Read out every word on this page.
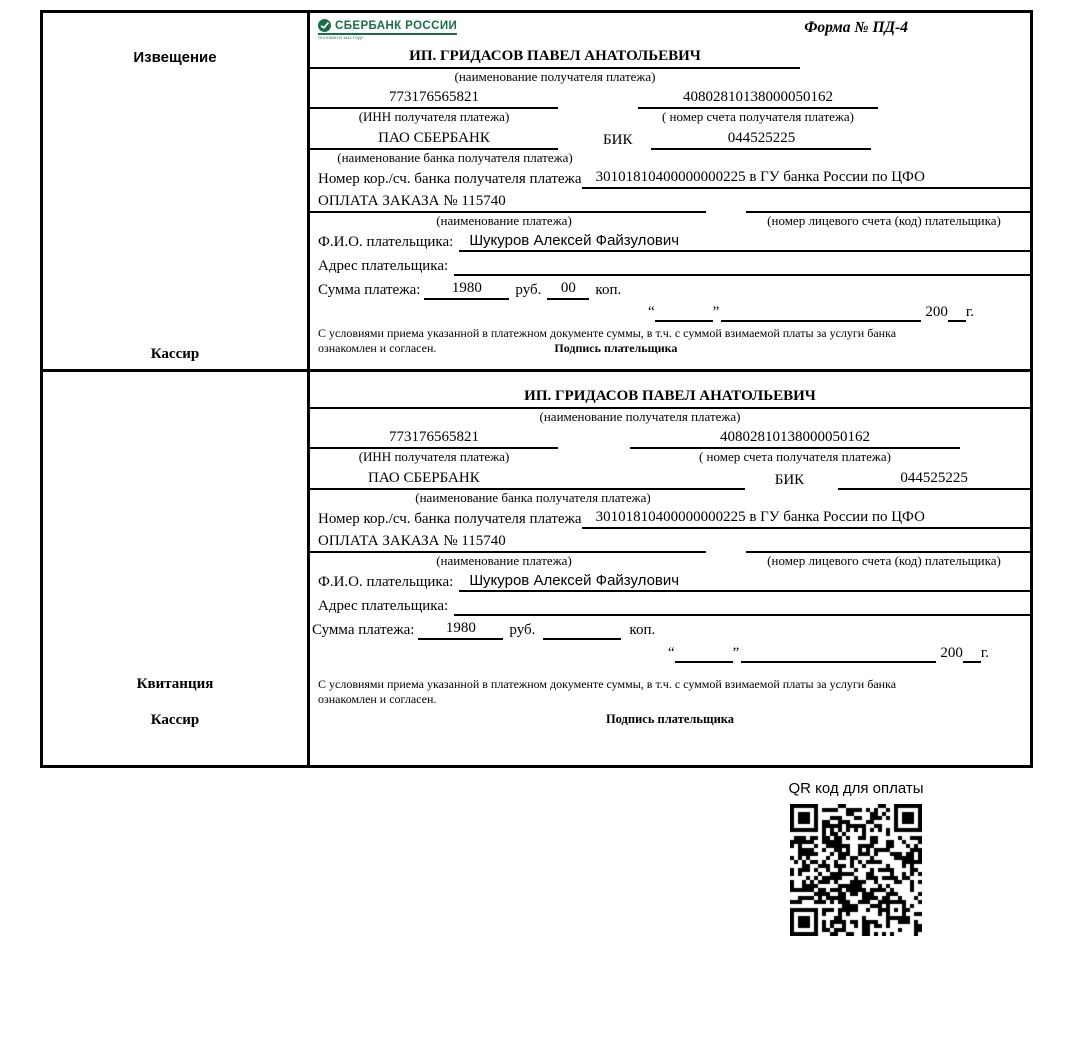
Извещение
Кассир
СБЕРБАНК РОССИИ
ОСНОВАН В 1841 ГОДУ
Форма № ПД-4
ИП. ГРИДАСОВ ПАВЕЛ АНАТОЛЬЕВИЧ
(наименование получателя платежа)
773176565821	40802810138000050162
(ИНН получателя платежа)	( номер счета получателя платежа)
ПАО СБЕРБАНК	БИК	044525225
(наименование банка получателя платежа)
Номер кор./сч. банка получателя платежа 30101810400000000225 в ГУ банка России по ЦФО
ОПЛАТА ЗАКАЗА № 115740
(наименование платежа)	(номер лицевого счета (код) плательщика)
Ф.И.О. плательщика:	Шукуров Алексей Файзулович
Адрес плательщика:
Сумма платежа:	1980	руб.	00	коп.
“	”	200 г.
С условиями приема указанной в платежном документе суммы, в т.ч. с суммой взимаемой платы за услуги банка
ознакомлен и согласен.	Подпись плательщика
Квитанция
Кассир
ИП. ГРИДАСОВ ПАВЕЛ АНАТОЛЬЕВИЧ
(наименование получателя платежа)
773176565821	40802810138000050162
(ИНН получателя платежа)	( номер счета получателя платежа)
ПАО СБЕРБАНК	БИК	044525225
(наименование банка получателя платежа)
Номер кор./сч. банка получателя платежа 30101810400000000225 в ГУ банка России по ЦФО
ОПЛАТА ЗАКАЗА № 115740
(наименование платежа)	(номер лицевого счета (код) плательщика)
Ф.И.О. плательщика:	Шукуров Алексей Файзулович
Адрес плательщика:
Сумма платежа:	1980	руб.	коп.
“	”	200 г.
С условиями приема указанной в платежном документе суммы, в т.ч. с суммой взимаемой платы за услуги банка
ознакомлен и согласен.
Подпись плательщика
QR код для оплаты
